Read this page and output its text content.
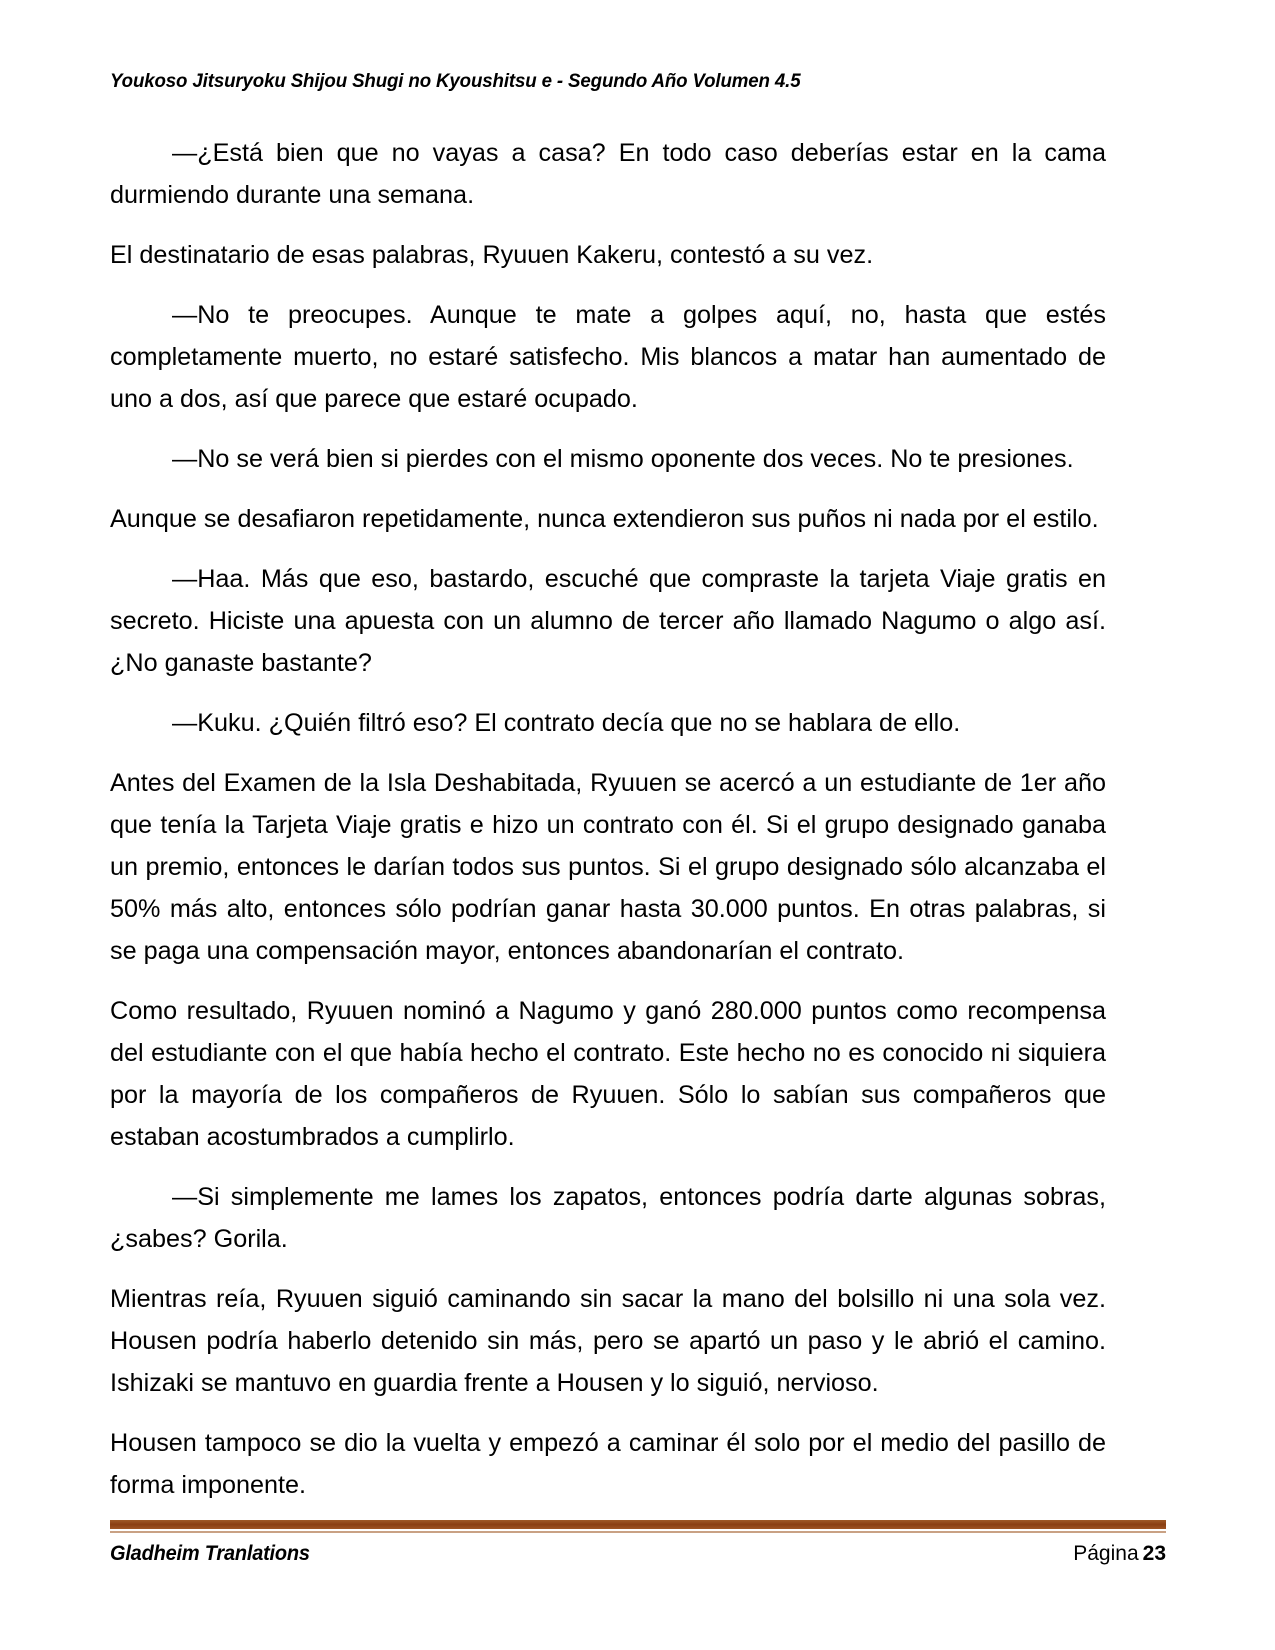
Youkoso Jitsuryoku Shijou Shugi no Kyoushitsu e - Segundo Año Volumen 4.5

—¿Está bien que no vayas a casa? En todo caso deberías estar en la cama durmiendo durante una semana.

El destinatario de esas palabras, Ryuuen Kakeru, contestó a su vez.

—No te preocupes. Aunque te mate a golpes aquí, no, hasta que estés completamente muerto, no estaré satisfecho. Mis blancos a matar han aumentado de uno a dos, así que parece que estaré ocupado.

—No se verá bien si pierdes con el mismo oponente dos veces. No te presiones.

Aunque se desafiaron repetidamente, nunca extendieron sus puños ni nada por el estilo.

—Haa. Más que eso, bastardo, escuché que compraste la tarjeta Viaje gratis en secreto. Hiciste una apuesta con un alumno de tercer año llamado Nagumo o algo así. ¿No ganaste bastante?

—Kuku. ¿Quién filtró eso? El contrato decía que no se hablara de ello.

Antes del Examen de la Isla Deshabitada, Ryuuen se acercó a un estudiante de 1er año que tenía la Tarjeta Viaje gratis e hizo un contrato con él. Si el grupo designado ganaba un premio, entonces le darían todos sus puntos. Si el grupo designado sólo alcanzaba el 50% más alto, entonces sólo podrían ganar hasta 30.000 puntos. En otras palabras, si se paga una compensación mayor, entonces abandonarían el contrato.

Como resultado, Ryuuen nominó a Nagumo y ganó 280.000 puntos como recompensa del estudiante con el que había hecho el contrato. Este hecho no es conocido ni siquiera por la mayoría de los compañeros de Ryuuen. Sólo lo sabían sus compañeros que estaban acostumbrados a cumplirlo.

—Si simplemente me lames los zapatos, entonces podría darte algunas sobras, ¿sabes? Gorila.

Mientras reía, Ryuuen siguió caminando sin sacar la mano del bolsillo ni una sola vez. Housen podría haberlo detenido sin más, pero se apartó un paso y le abrió el camino. Ishizaki se mantuvo en guardia frente a Housen y lo siguió, nervioso.

Housen tampoco se dio la vuelta y empezó a caminar él solo por el medio del pasillo de forma imponente.

Gladheim Tranlations	Página 23
